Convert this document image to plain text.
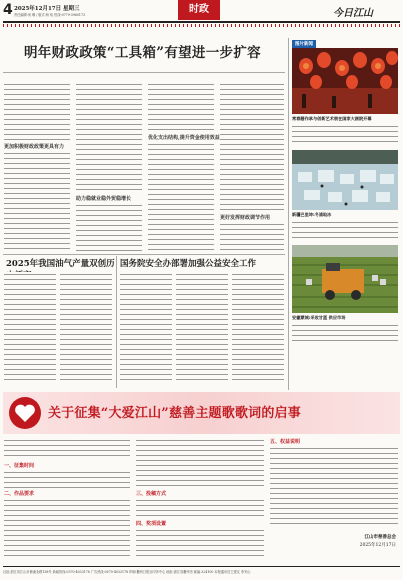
4 2025年12月17日 星期三
责任编辑:何 琳 / 版式:杨 焰 热线:0779-3960173	时政	今日江山
明年财政政策“工具箱”有望进一步扩容
更加积极财政政策更具有力
助力稳就业稳外贸稳增长
优化支出结构,提升资金使用效益
更好发挥财政调节作用
图片新闻
常春藤作承与创新艺术展在国家大剧院开幕
新疆巴里坤:冬浦取冰
安徽蒙城:采收甘蓝 供应市场
2025年我国油气产量双创历 国务院安全办部署加强公益安全工作
关于征集“大爱江山”慈善主题歌歌词的启事
一、征集时间
二、作品要求	三、投稿方式
四、奖项设置
五、权益说明
江山市慈善总会
2025年12月17日
社址:浙江省江山市鹿溪北路138号 新闻热线:0570-4033178 广告热线:0570-4033178 印刷:衢州日报社印务中心 地址:浙江省衢州市 邮编:324100 本报通讯员王建友 李安山
